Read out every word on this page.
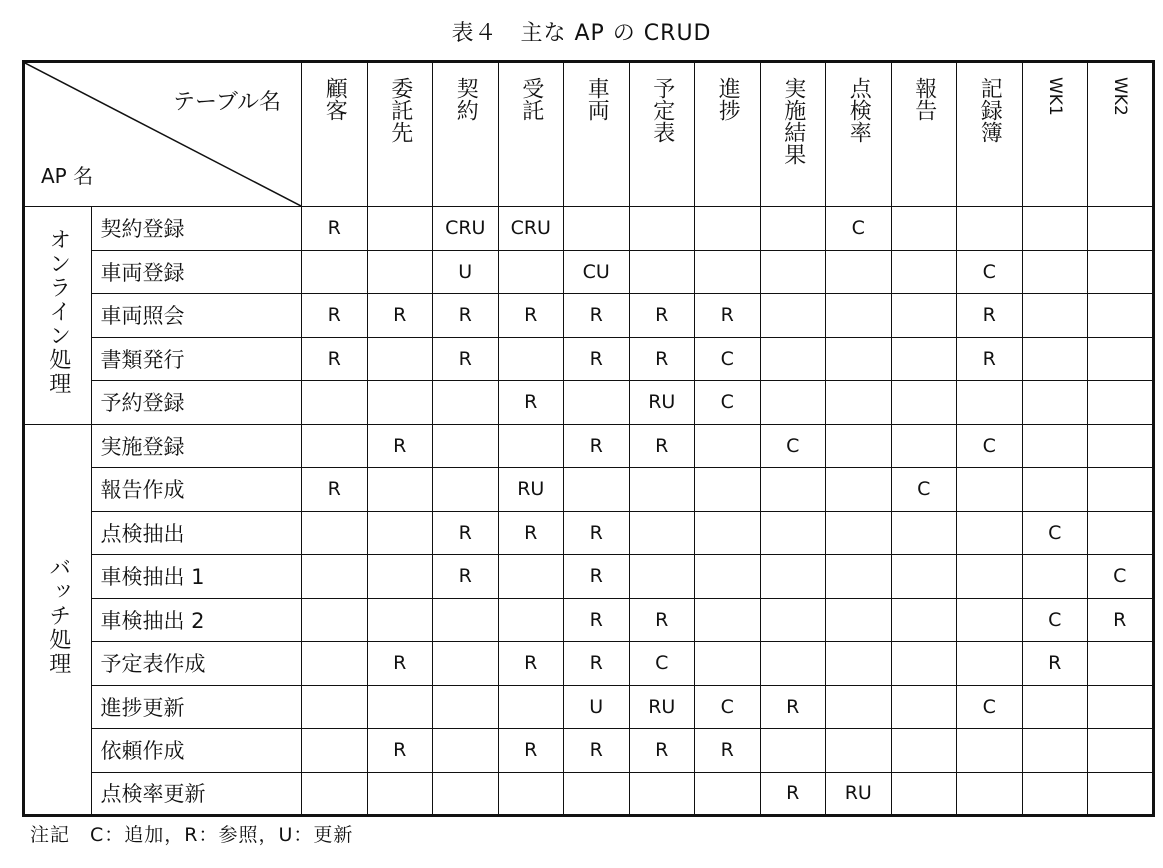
表４　主な AP の CRUD
テーブル名
AP 名		顧客	委託先	契約	受託	車両	予定表	進捗	実施結果	点検率	報告	記録簿	WK1	WK2
オンライン処理	契約登録	R		CRU	CRU					C				
	車両登録			U		CU						C		
	車両照会	R	R	R	R	R	R	R				R		
	書類発行	R		R		R	R	C				R		
	予約登録				R		RU	C						
バッチ処理	実施登録		R			R	R		C			C		
	報告作成	R			RU						C			
	点検抽出			R	R	R							C	
	車検抽出 1			R		R								C
	車検抽出 2					R	R						C	R
	予定表作成		R		R	R	C						R	
	進捗更新					U	RU	C	R			C		
	依頼作成		R		R	R	R	R						
	点検率更新								R	RU				
注記　C：追加，R：参照，U：更新
